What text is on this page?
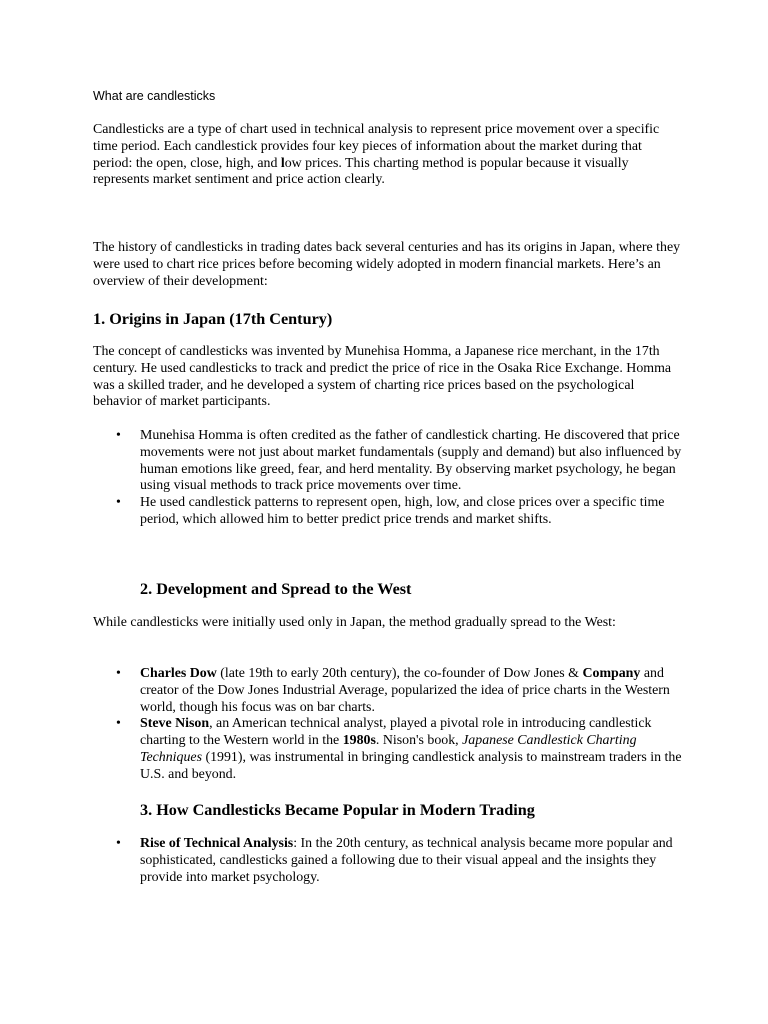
What are candlesticks

Candlesticks are a type of chart used in technical analysis to represent price movement over a specific time period. Each candlestick provides four key pieces of information about the market during that period: the open, close, high, and low prices. This charting method is popular because it visually represents market sentiment and price action clearly.

The history of candlesticks in trading dates back several centuries and has its origins in Japan, where they were used to chart rice prices before becoming widely adopted in modern financial markets. Here’s an overview of their development:

1. Origins in Japan (17th Century)

The concept of candlesticks was invented by Munehisa Homma, a Japanese rice merchant, in the 17th century. He used candlesticks to track and predict the price of rice in the Osaka Rice Exchange. Homma was a skilled trader, and he developed a system of charting rice prices based on the psychological behavior of market participants.

• Munehisa Homma is often credited as the father of candlestick charting. He discovered that price movements were not just about market fundamentals (supply and demand) but also influenced by human emotions like greed, fear, and herd mentality. By observing market psychology, he began using visual methods to track price movements over time.
• He used candlestick patterns to represent open, high, low, and close prices over a specific time period, which allowed him to better predict price trends and market shifts.
2. Development and Spread to the West

While candlesticks were initially used only in Japan, the method gradually spread to the West:

• Charles Dow (late 19th to early 20th century), the co-founder of Dow Jones & Company and creator of the Dow Jones Industrial Average, popularized the idea of price charts in the Western world, though his focus was on bar charts.
• Steve Nison, an American technical analyst, played a pivotal role in introducing candlestick charting to the Western world in the 1980s. Nison's book, Japanese Candlestick Charting Techniques (1991), was instrumental in bringing candlestick analysis to mainstream traders in the U.S. and beyond.
3. How Candlesticks Became Popular in Modern Trading
• Rise of Technical Analysis: In the 20th century, as technical analysis became more popular and sophisticated, candlesticks gained a following due to their visual appeal and the insights they provide into market psychology.
